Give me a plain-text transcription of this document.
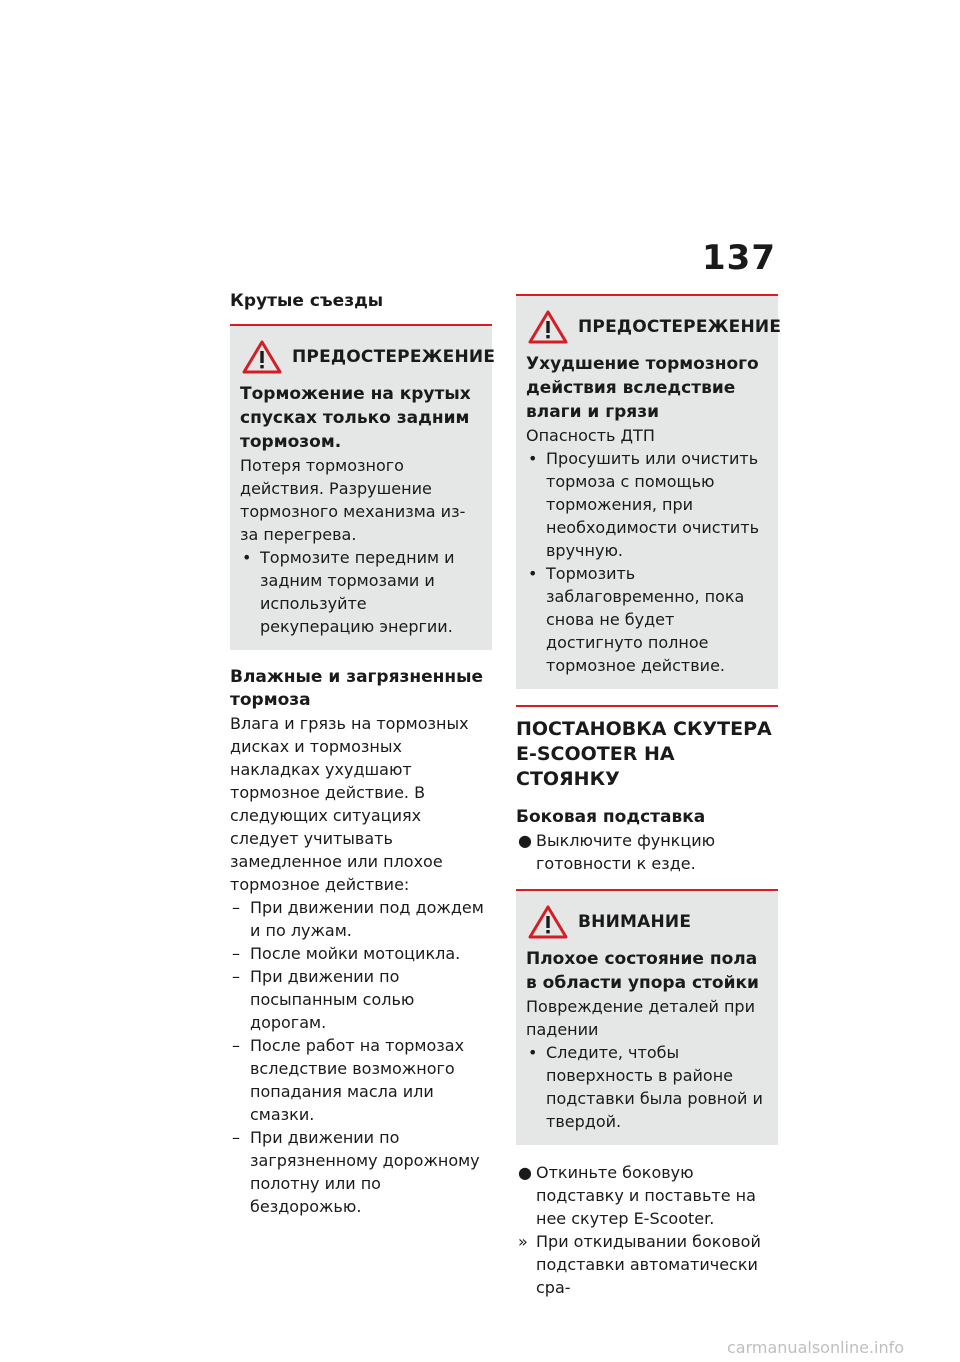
137
Крутые съезды
ПРЕДОСТЕРЕЖЕНИЕ
Торможение на крутых спусках только задним тормозом.
Потеря тормозного действия. Разрушение тормозного механизма из-за перегрева.
• Тормозите передним и задним тормозами и используйте рекуперацию энергии.
Влажные и загрязненные тормоза
Влага и грязь на тормозных дисках и тормозных накладках ухудшают тормозное действие. В следующих ситуациях следует учитывать замедленное или плохое тормозное действие:
– При движении под дождем и по лужам.
– После мойки мотоцикла.
– При движении по посыпанным солью дорогам.
– После работ на тормозах вследствие возможного попадания масла или смазки.
– При движении по загрязненному дорожному полотну или по бездорожью.
ПРЕДОСТЕРЕЖЕНИЕ
Ухудшение тормозного действия вследствие влаги и грязи
Опасность ДТП
• Просушить или очистить тормоза с помощью торможения, при необходимости очистить вручную.
• Тормозить заблаговременно, пока снова не будет достигнуто полное тормозное действие.
ПОСТАНОВКА СКУТЕРА E-SCOOTER НА СТОЯНКУ
Боковая подставка
● Выключите функцию готовности к езде.
ВНИМАНИЕ
Плохое состояние пола в области упора стойки
Повреждение деталей при падении
• Следите, чтобы поверхность в районе подставки была ровной и твердой.
● Откиньте боковую подставку и поставьте на нее скутер E-Scooter.
» При откидывании боковой подставки автоматически сра-
carmanualsonline.info
